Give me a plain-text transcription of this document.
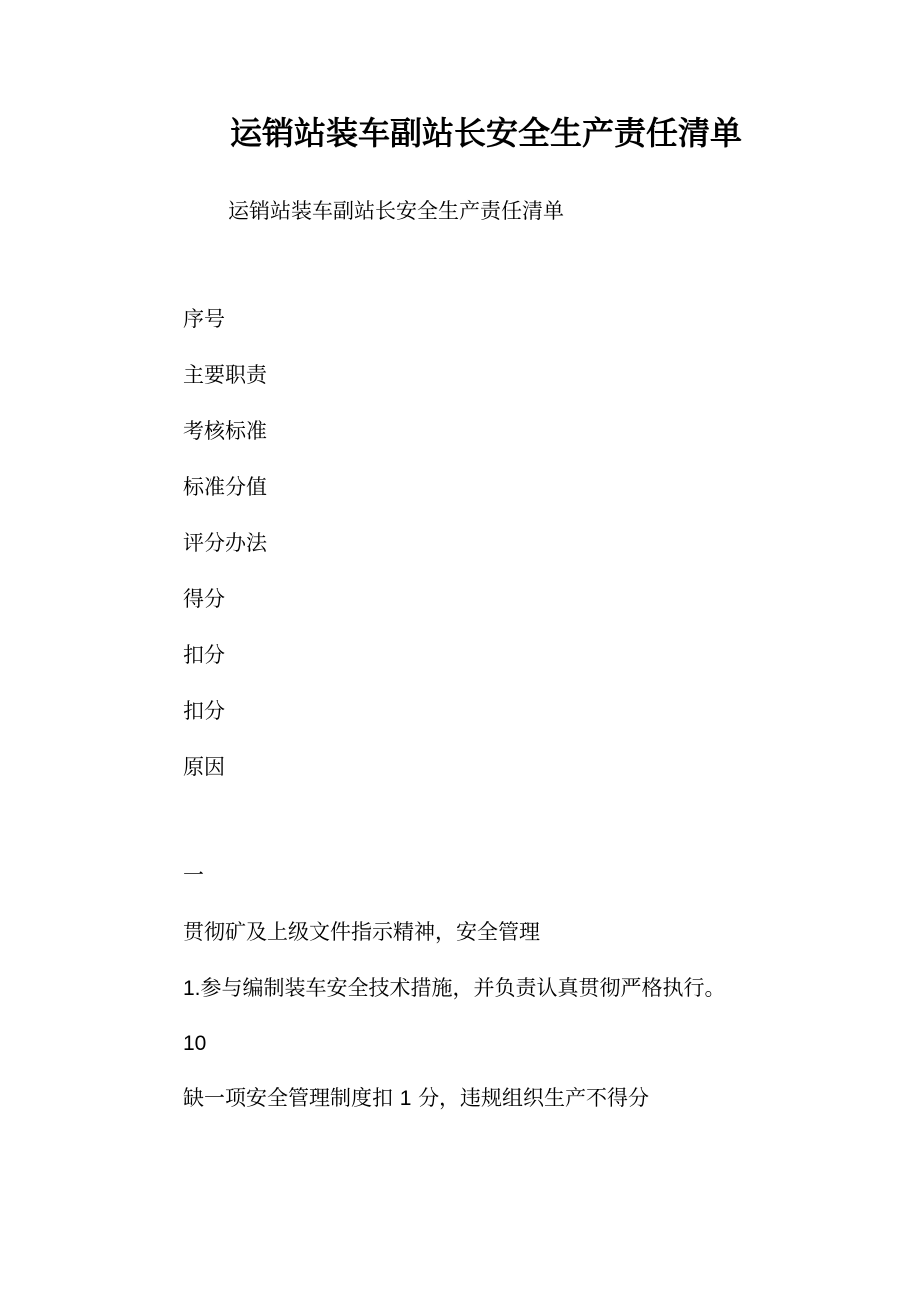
运销站装车副站长安全生产责任清单

运销站装车副站长安全生产责任清单

序号

主要职责

考核标准

标准分值

评分办法

得分

扣分

扣分

原因

一

贯彻矿及上级文件指示精神，安全管理

1.参与编制装车安全技术措施，并负责认真贯彻严格执行。

10

缺一项安全管理制度扣 1 分，违规组织生产不得分
